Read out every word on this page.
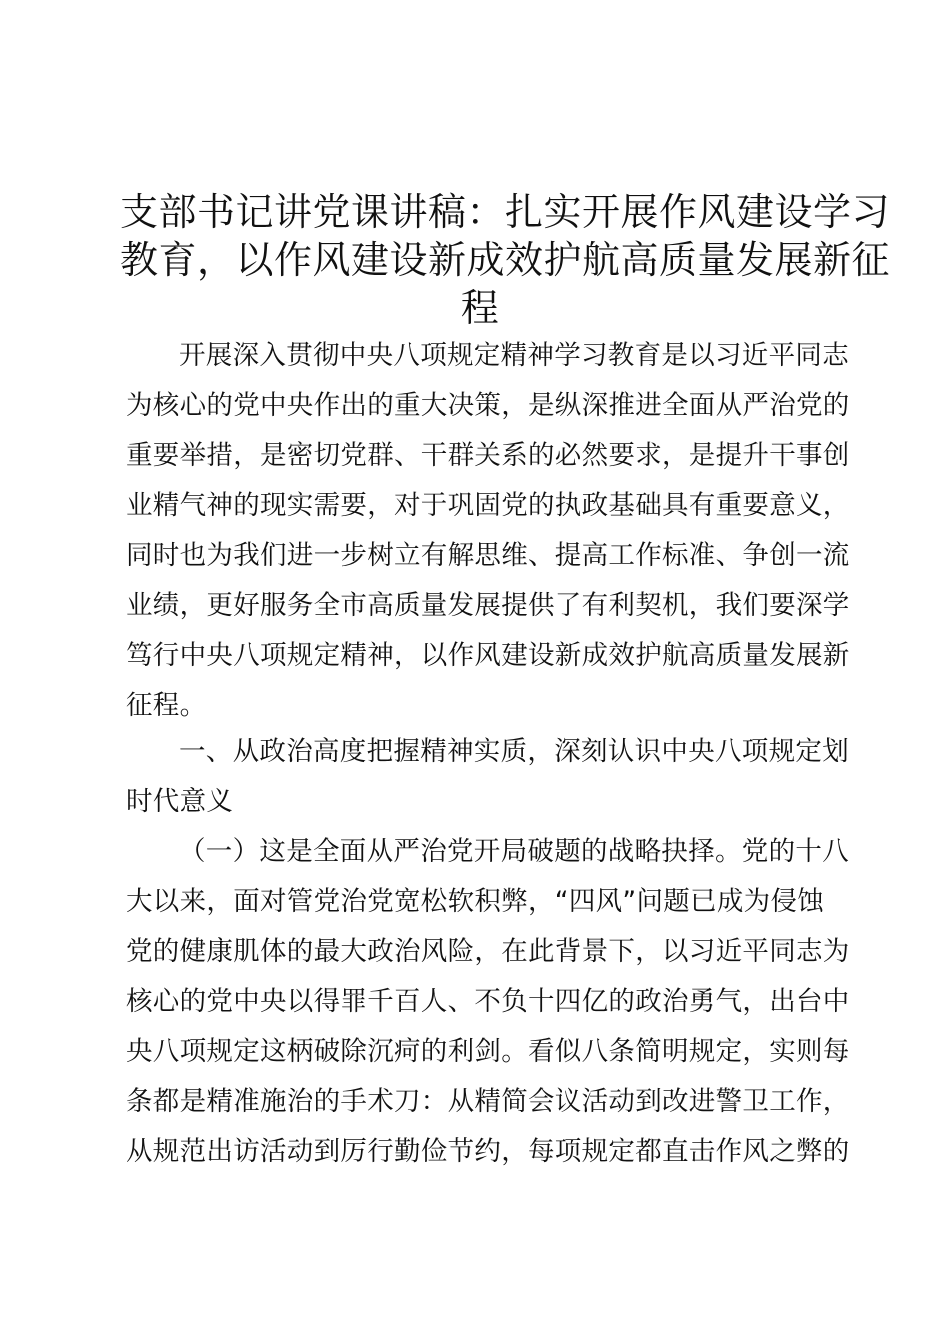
支部书记讲党课讲稿：扎实开展作风建设学习
教育，以作风建设新成效护航高质量发展新征
程
开展深入贯彻中央八项规定精神学习教育是以习近平同志
为核心的党中央作出的重大决策，是纵深推进全面从严治党的
重要举措，是密切党群、干群关系的必然要求，是提升干事创
业精气神的现实需要，对于巩固党的执政基础具有重要意义，
同时也为我们进一步树立有解思维、提高工作标准、争创一流
业绩，更好服务全市高质量发展提供了有利契机，我们要深学
笃行中央八项规定精神，以作风建设新成效护航高质量发展新
征程。
一、从政治高度把握精神实质，深刻认识中央八项规定划
时代意义
（一）这是全面从严治党开局破题的战略抉择。党的十八
大以来，面对管党治党宽松软积弊，“四风”问题已成为侵蚀
党的健康肌体的最大政治风险，在此背景下，以习近平同志为
核心的党中央以得罪千百人、不负十四亿的政治勇气，出台中
央八项规定这柄破除沉疴的利剑。看似八条简明规定，实则每
条都是精准施治的手术刀：从精简会议活动到改进警卫工作，
从规范出访活动到厉行勤俭节约，每项规定都直击作风之弊的
